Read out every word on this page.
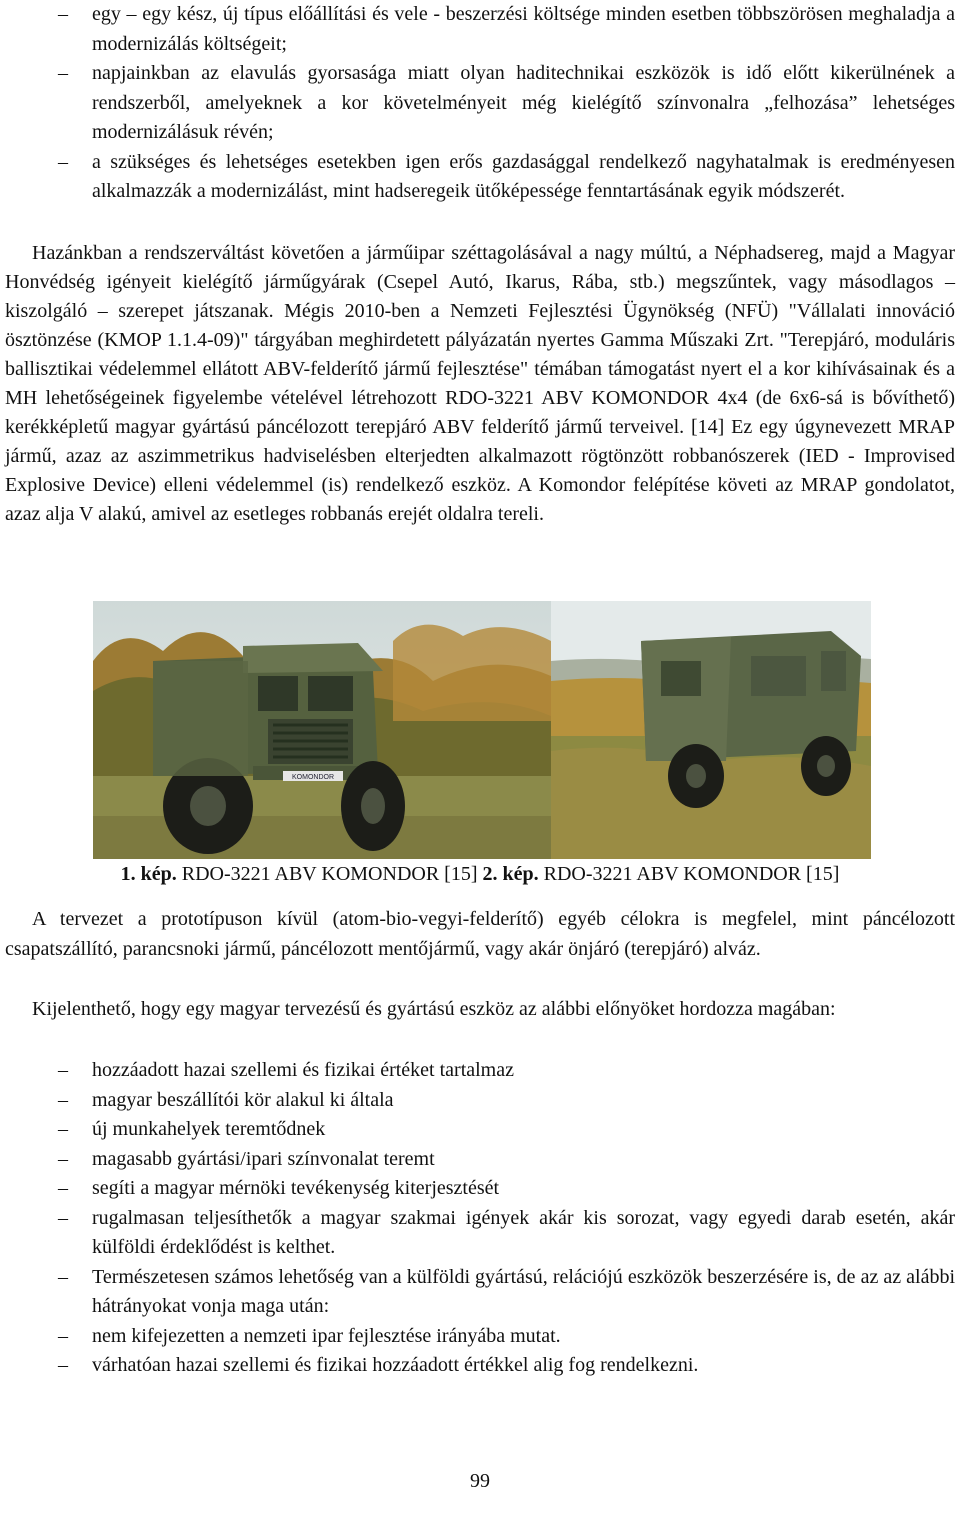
– egy – egy kész, új típus előállítási és vele - beszerzési költsége minden esetben többszörösen meghaladja a modernizálás költségeit;
– napjainkban az elavulás gyorsasága miatt olyan haditechnikai eszközök is idő előtt kikerülnének a rendszerből, amelyeknek a kor követelményeit még kielégítő színvonalra „felhozása” lehetséges modernizálásuk révén;
– a szükséges és lehetséges esetekben igen erős gazdasággal rendelkező nagyhatalmak is eredményesen alkalmazzák a modernizálást, mint hadseregeik ütőképessége fenntartásának egyik módszerét.

Hazánkban a rendszerváltást követően a járműipar széttagolásával a nagy múltú, a Néphadsereg, majd a Magyar Honvédség igényeit kielégítő járműgyárak (Csepel Autó, Ikarus, Rába, stb.) megszűntek, vagy másodlagos – kiszolgáló – szerepet játszanak. Mégis 2010-ben a Nemzeti Fejlesztési Ügynökség (NFÜ) "Vállalati innováció ösztönzése (KMOP 1.1.4-09)" tárgyában meghirdetett pályázatán nyertes Gamma Műszaki Zrt. "Terepjáró, moduláris ballisztikai védelemmel ellátott ABV-felderítő jármű fejlesztése" témában támogatást nyert el a kor kihívásainak és a MH lehetőségeinek figyelembe vételével létrehozott RDO-3221 ABV KOMONDOR 4x4 (de 6x6-sá is bővíthető) kerékképletű magyar gyártású páncélozott terepjáró ABV felderítő jármű terveivel. [14] Ez egy úgynevezett MRAP jármű, azaz az aszimmetrikus hadviselésben elterjedten alkalmazott rögtönzött robbanószerek (IED - Improvised Explosive Device) elleni védelemmel (is) rendelkező eszköz. A Komondor felépítése követi az MRAP gondolatot, azaz alja V alakú, amivel az esetleges robbanás erejét oldalra tereli.

KOMONDOR
1. kép. RDO-3221 ABV KOMONDOR [15] 2. kép. RDO-3221 ABV KOMONDOR [15]

A tervezet a prototípuson kívül (atom-bio-vegyi-felderítő) egyéb célokra is megfelel, mint páncélozott csapatszállító, parancsnoki jármű, páncélozott mentőjármű, vagy akár önjáró (terepjáró) alváz.

Kijelenthető, hogy egy magyar tervezésű és gyártású eszköz az alábbi előnyöket hordozza magában:

– hozzáadott hazai szellemi és fizikai értéket tartalmaz
– magyar beszállítói kör alakul ki általa
– új munkahelyek teremtődnek
– magasabb gyártási/ipari színvonalat teremt
– segíti a magyar mérnöki tevékenység kiterjesztését
– rugalmasan teljesíthetők a magyar szakmai igények akár kis sorozat, vagy egyedi darab esetén, akár külföldi érdeklődést is kelthet.
– Természetesen számos lehetőség van a külföldi gyártású, relációjú eszközök beszerzésére is, de az az alábbi hátrányokat vonja maga után:
– nem kifejezetten a nemzeti ipar fejlesztése irányába mutat.
– várhatóan hazai szellemi és fizikai hozzáadott értékkel alig fog rendelkezni.
99
